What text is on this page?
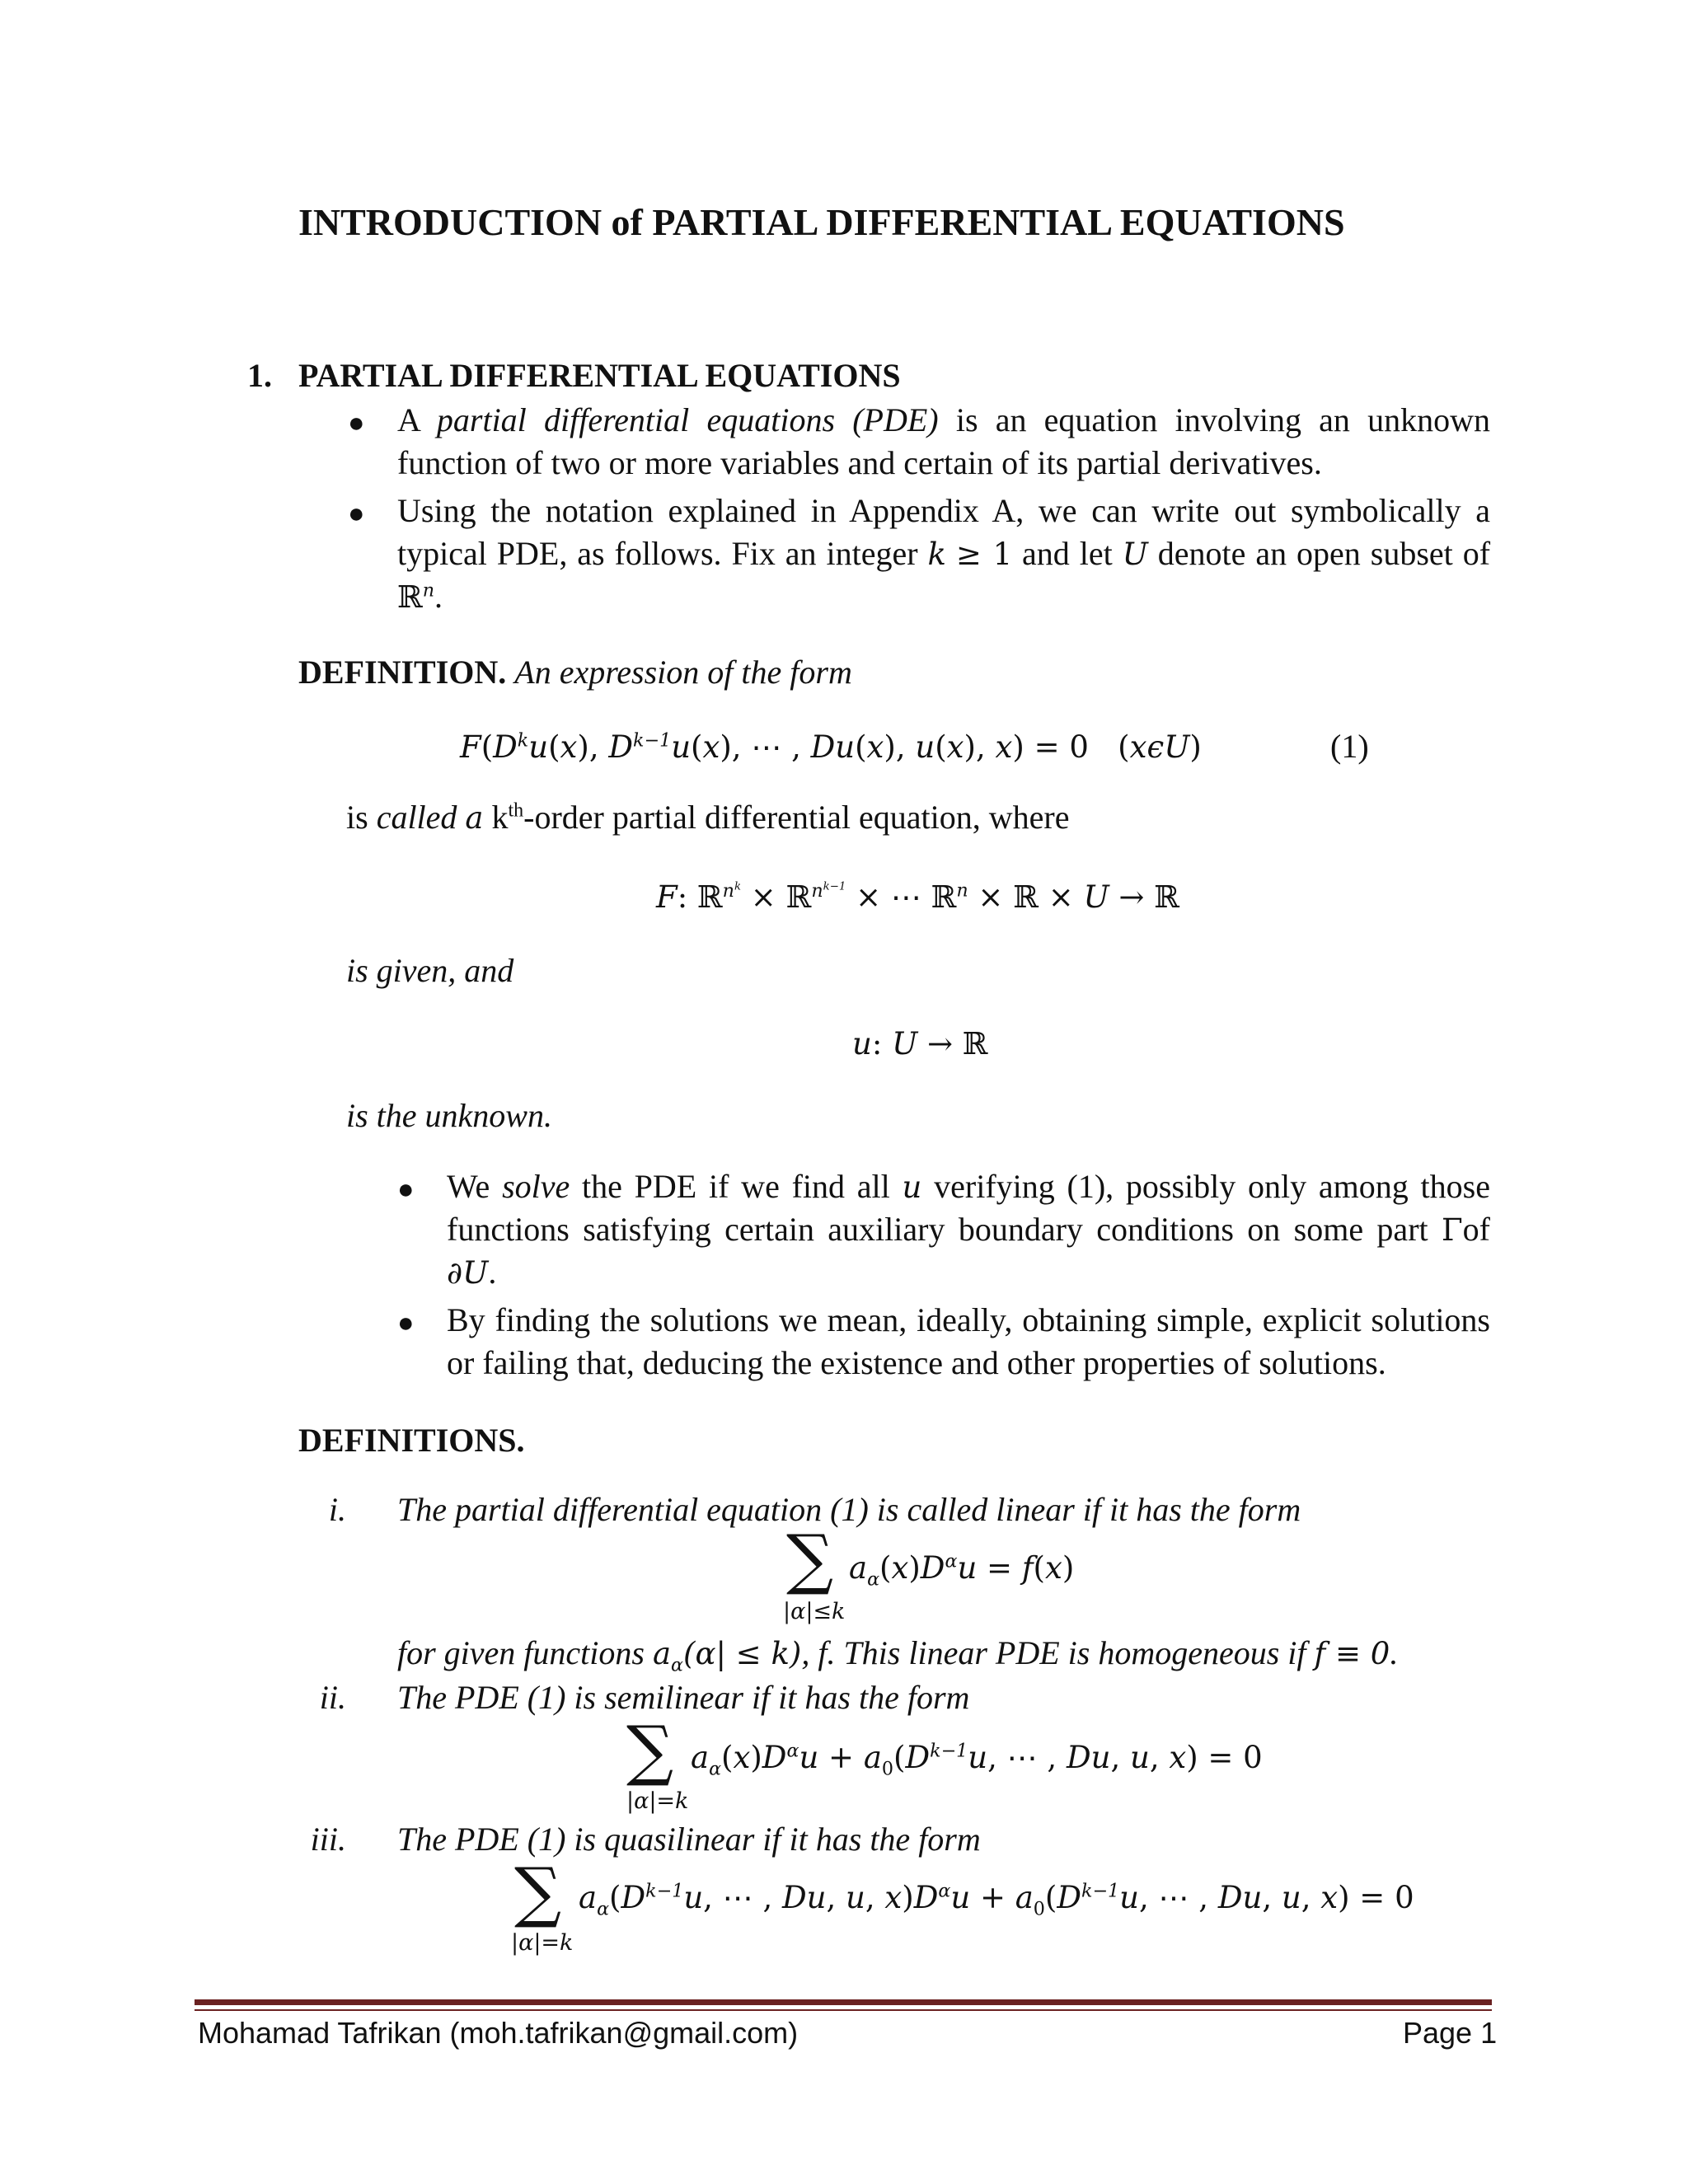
INTRODUCTION of PARTIAL DIFFERENTIAL EQUATIONS
1. PARTIAL DIFFERENTIAL EQUATIONS
● A partial differential equations (PDE) is an equation involving an unknown function of two or more variables and certain of its partial derivatives.
● Using the notation explained in Appendix A, we can write out symbolically a typical PDE, as follows. Fix an integer k ≥ 1 and let U denote an open subset of ℝ$^n$.
DEFINITION. An expression of the form
$F(D^ku(x)$, $D^{k-1}u(x)$, ⋯ , Du(x), u(x), x) = 0   (xϵU)	(1)
is called a $k^{th}$-order partial differential equation, where
F: ℝ$^{n^k}$ × ℝ$^{n^{k-1}}$ × ⋯ ℝ$^n$ × ℝ × U → ℝ
is given, and
u: U → ℝ
is the unknown.
● We solve the PDE if we find all u verifying (1), possibly only among those functions satisfying certain auxiliary boundary conditions on some part Γof ∂U.
● By finding the solutions we mean, ideally, obtaining simple, explicit solutions or failing that, deducing the existence and other properties of solutions.
DEFINITIONS.
i. The partial differential equation (1) is called linear if it has the form
∑
|α|≤k
$a_\alpha(x)D^\alpha u = f(x)$
for given functions $a_\alpha(\alpha| \le k)$, f. This linear PDE is homogeneous if f ≡ 0.
ii. The PDE (1) is semilinear if it has the form
∑
|α|=k
$a_\alpha(x)D^\alpha u + a_0(D^{k-1}u$, ⋯ , Du, u, x) = 0
iii. The PDE (1) is quasilinear if it has the form
∑
|α|=k
$a_\alpha(D^{k-1}u$, ⋯ , Du, u, $x)D^\alpha u + a_0(D^{k-1}u$, ⋯ , Du, u, x) = 0
Mohamad Tafrikan (moh.tafrikan@gmail.com)	Page 1
